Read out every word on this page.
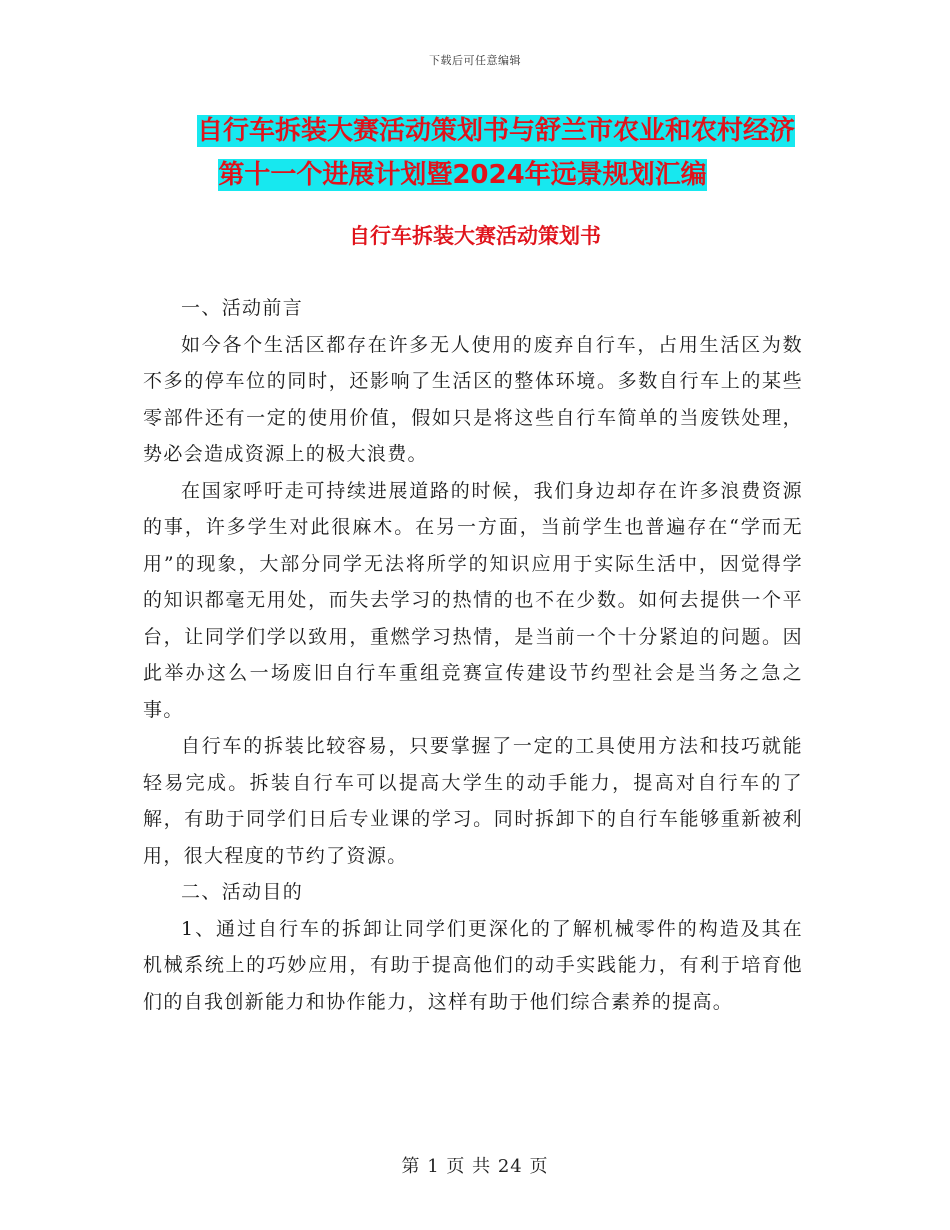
下载后可任意编辑
自行车拆装大赛活动策划书与舒兰市农业和农村经济
第十一个进展计划暨2024年远景规划汇编
自行车拆装大赛活动策划书

一、活动前言

如今各个生活区都存在许多无人使用的废弃自行车，占用生活区为数不多的停车位的同时，还影响了生活区的整体环境。多数自行车上的某些零部件还有一定的使用价值，假如只是将这些自行车简单的当废铁处理，势必会造成资源上的极大浪费。

在国家呼吁走可持续进展道路的时候，我们身边却存在许多浪费资源的事，许多学生对此很麻木。在另一方面，当前学生也普遍存在“学而无用”的现象，大部分同学无法将所学的知识应用于实际生活中，因觉得学的知识都毫无用处，而失去学习的热情的也不在少数。如何去提供一个平台，让同学们学以致用，重燃学习热情，是当前一个十分紧迫的问题。因此举办这么一场废旧自行车重组竞赛宣传建设节约型社会是当务之急之事。

自行车的拆装比较容易，只要掌握了一定的工具使用方法和技巧就能轻易完成。拆装自行车可以提高大学生的动手能力，提高对自行车的了解，有助于同学们日后专业课的学习。同时拆卸下的自行车能够重新被利用，很大程度的节约了资源。

二、活动目的

1、通过自行车的拆卸让同学们更深化的了解机械零件的构造及其在机械系统上的巧妙应用，有助于提高他们的动手实践能力，有利于培育他们的自我创新能力和协作能力，这样有助于他们综合素养的提高。

第 1 页 共 24 页
